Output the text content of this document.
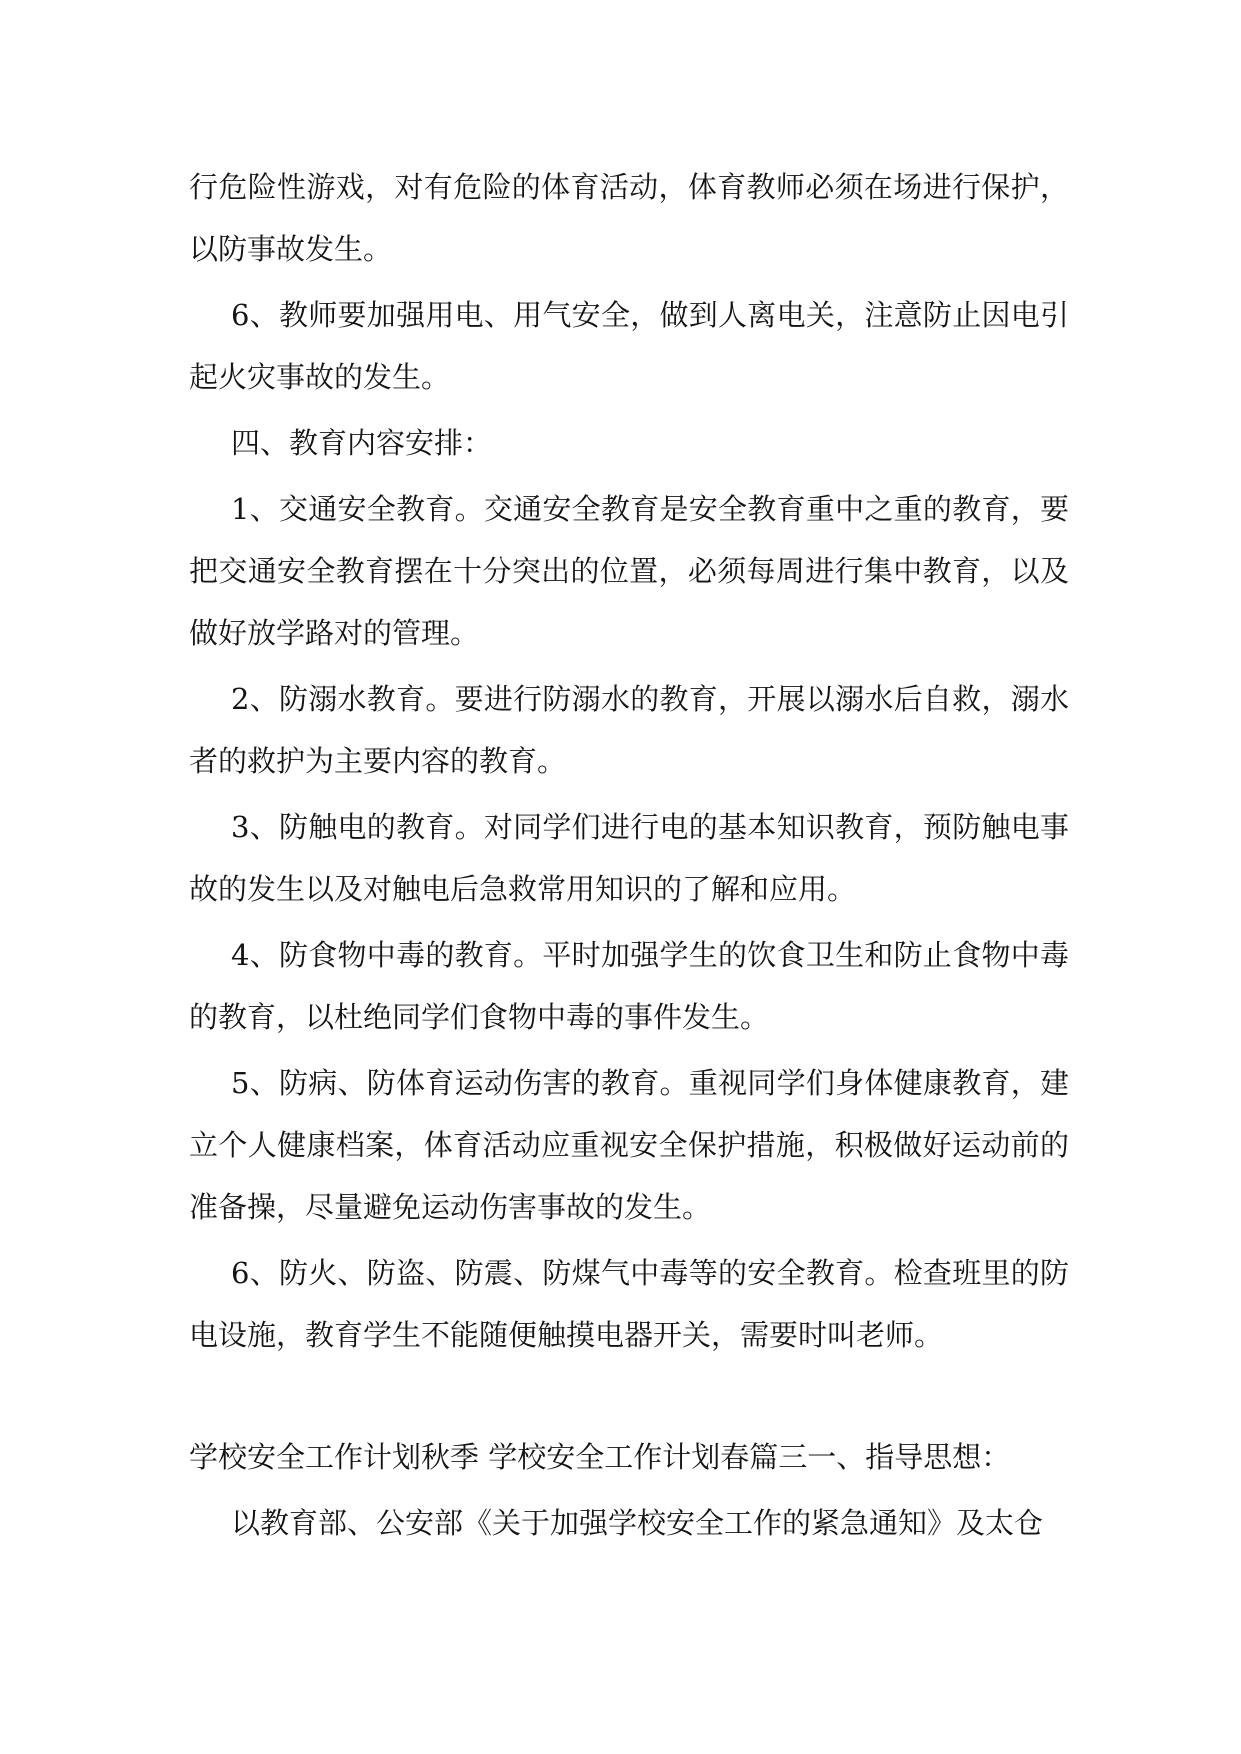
行危险性游戏，对有危险的体育活动，体育教师必须在场进行保护，以防事故发生。

6、教师要加强用电、用气安全，做到人离电关，注意防止因电引起火灾事故的发生。

四、教育内容安排：

1、交通安全教育。交通安全教育是安全教育重中之重的教育，要把交通安全教育摆在十分突出的位置，必须每周进行集中教育，以及做好放学路对的管理。

2、防溺水教育。要进行防溺水的教育，开展以溺水后自救，溺水者的救护为主要内容的教育。

3、防触电的教育。对同学们进行电的基本知识教育，预防触电事故的发生以及对触电后急救常用知识的了解和应用。

4、防食物中毒的教育。平时加强学生的饮食卫生和防止食物中毒的教育，以杜绝同学们食物中毒的事件发生。

5、防病、防体育运动伤害的教育。重视同学们身体健康教育，建立个人健康档案，体育活动应重视安全保护措施，积极做好运动前的准备操，尽量避免运动伤害事故的发生。

6、防火、防盗、防震、防煤气中毒等的安全教育。检查班里的防电设施，教育学生不能随便触摸电器开关，需要时叫老师。

学校安全工作计划秋季 学校安全工作计划春篇三一、指导思想：

以教育部、公安部《关于加强学校安全工作的紧急通知》及太仓
